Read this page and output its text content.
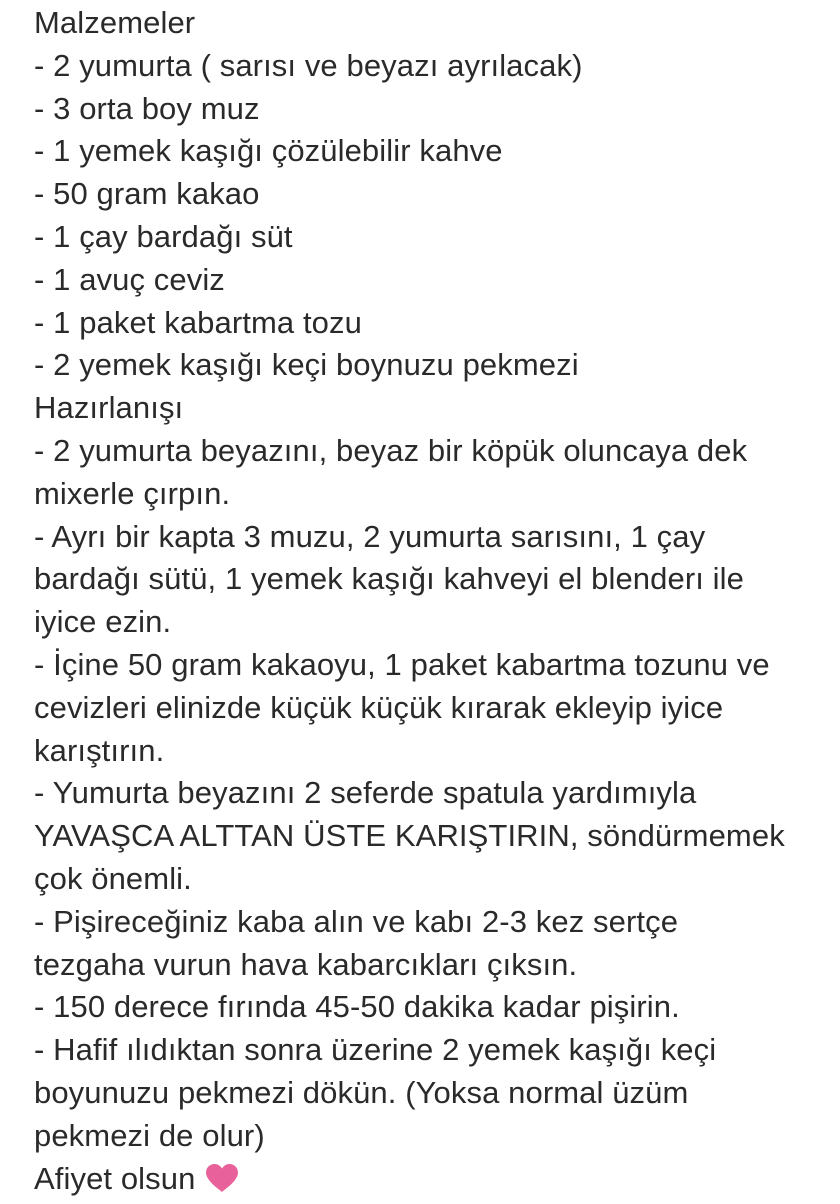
Malzemeler
- 2 yumurta ( sarısı ve beyazı ayrılacak)
- 3 orta boy muz
- 1 yemek kaşığı çözülebilir kahve
- 50 gram kakao
- 1 çay bardağı süt
- 1 avuç ceviz
- 1 paket kabartma tozu
- 2 yemek kaşığı keçi boynuzu pekmezi
Hazırlanışı
- 2 yumurta beyazını, beyaz bir köpük oluncaya dek
mixerle çırpın.
- Ayrı bir kapta 3 muzu, 2 yumurta sarısını, 1 çay
bardağı sütü, 1 yemek kaşığı kahveyi el blenderı ile
iyice ezin.
- İçine 50 gram kakaoyu, 1 paket kabartma tozunu ve
cevizleri elinizde küçük küçük kırarak ekleyip iyice
karıştırın.
- Yumurta beyazını 2 seferde spatula yardımıyla
YAVAŞCA ALTTAN ÜSTE KARIŞTIRIN, söndürmemek
çok önemli.
- Pişireceğiniz kaba alın ve kabı 2-3 kez sertçe
tezgaha vurun hava kabarcıkları çıksın.
- 150 derece fırında 45-50 dakika kadar pişirin.
- Hafif ılıdıktan sonra üzerine 2 yemek kaşığı keçi
boyunuzu pekmezi dökün. (Yoksa normal üzüm
pekmezi de olur)
Afiyet olsun
